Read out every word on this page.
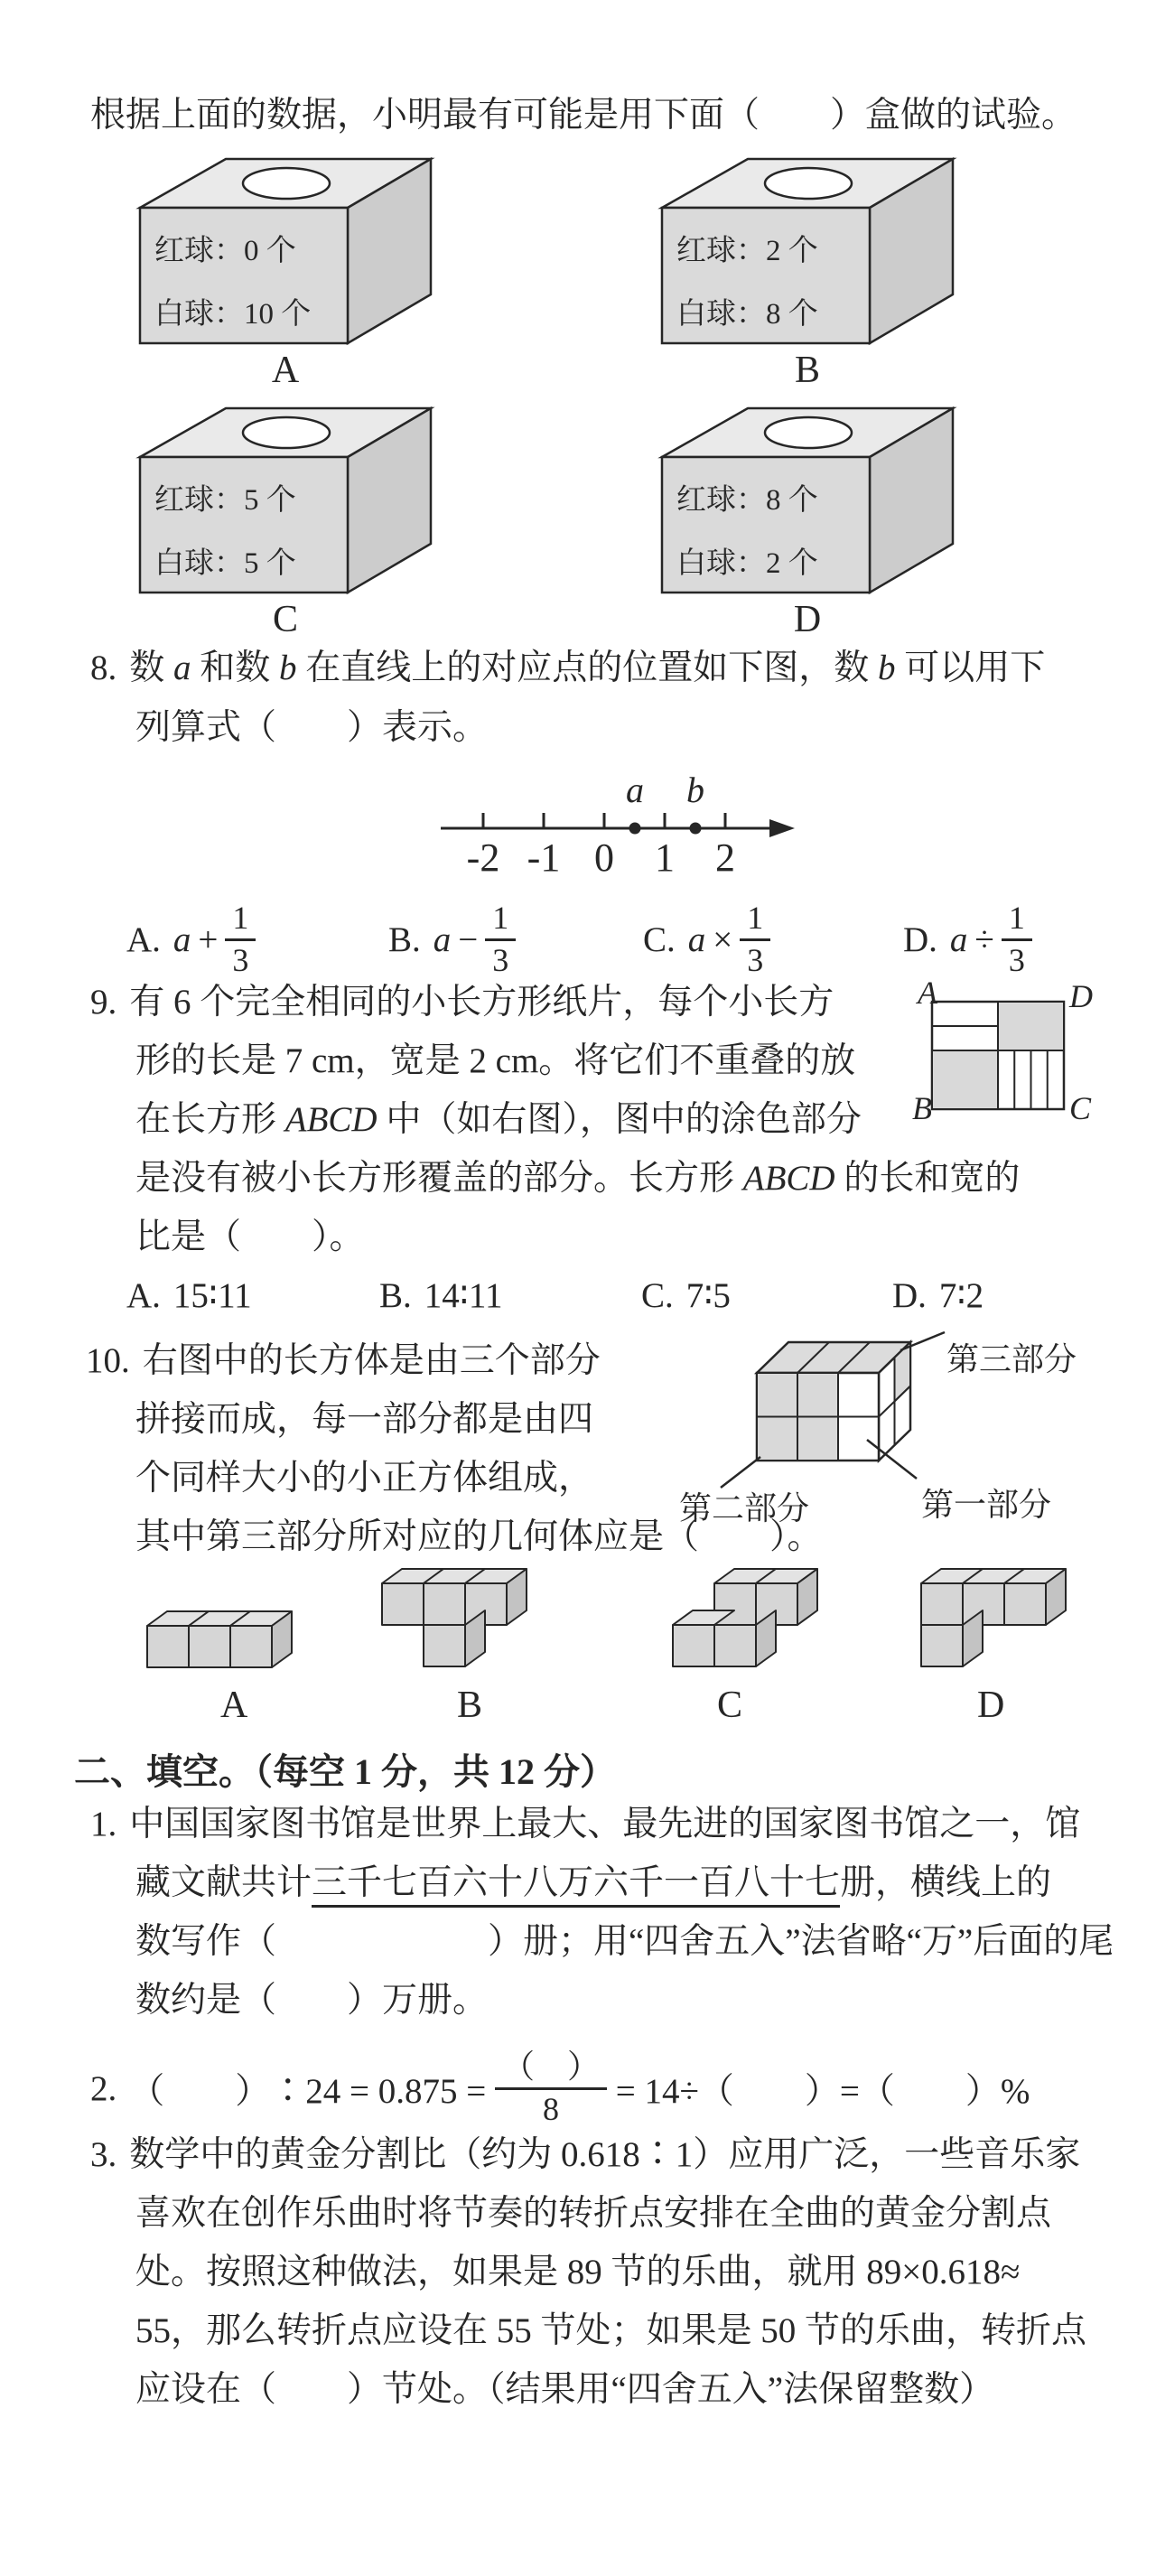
根据上面的数据，小明最有可能是用下面（　　）盒做的试验。
红球：0 个
白球：10 个
A
红球：2 个
白球：8 个
B
红球：5 个
白球：5 个
C
红球：8 个
白球：2 个
D
8. 数 a 和数 b 在直线上的对应点的位置如下图，数 b 可以用下
列算式（　　）表示。
-2 -1 0 1 2
a b
A. $a + \frac{1}{3}$	B. $a - \frac{1}{3}$	C. $a \times \frac{1}{3}$	D. $a \div \frac{1}{3}$
9. 有 6 个完全相同的小长方形纸片，每个小长方
形的长是 7 cm，宽是 2 cm。将它们不重叠的放
在长方形 ABCD 中（如右图），图中的涂色部分
是没有被小长方形覆盖的部分。长方形 ABCD 的长和宽的
比是（　　）。
A	D
B	C
A. 15∶11	B. 14∶11	C. 7∶5	D. 7∶2
10. 右图中的长方体是由三个部分
拼接而成，每一部分都是由四
个同样大小的小正方体组成，
其中第三部分所对应的几何体应是（　　）。
第三部分
第二部分	第一部分
A	B	C	D
二、填空。（每空 1 分，共 12 分）
1. 中国国家图书馆是世界上最大、最先进的国家图书馆之一，馆
藏文献共计三千七百六十八万六千一百八十七册，横线上的
数写作（　　　　　　）册；用“四舍五入”法省略“万”后面的尾
数约是（　　）万册。
2. （　　）∶24 = $0.875 = \frac{( )}{8} = 14\div$（　　）=（　　）%
3. 数学中的黄金分割比（约为 0.618∶1）应用广泛，一些音乐家
喜欢在创作乐曲时将节奏的转折点安排在全曲的黄金分割点
处。按照这种做法，如果是 89 节的乐曲，就用 89×0.618≈
55，那么转折点应设在 55 节处；如果是 50 节的乐曲，转折点
应设在（　　）节处。（结果用“四舍五入”法保留整数）
